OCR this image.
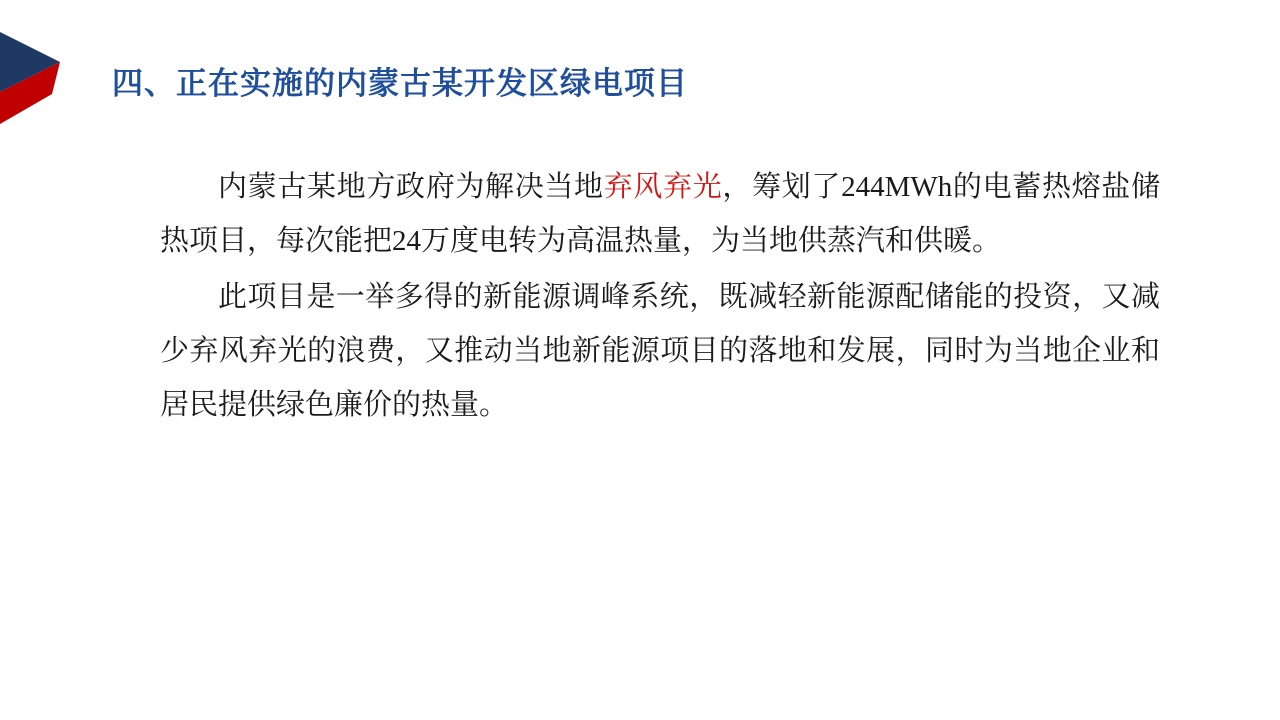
四、正在实施的内蒙古某开发区绿电项目

内蒙古某地方政府为解决当地弃风弃光，筹划了244MWh的电蓄热熔盐储热项目，每次能把24万度电转为高温热量，为当地供蒸汽和供暖。

此项目是一举多得的新能源调峰系统，既减轻新能源配储能的投资，又减少弃风弃光的浪费，又推动当地新能源项目的落地和发展，同时为当地企业和居民提供绿色廉价的热量。
